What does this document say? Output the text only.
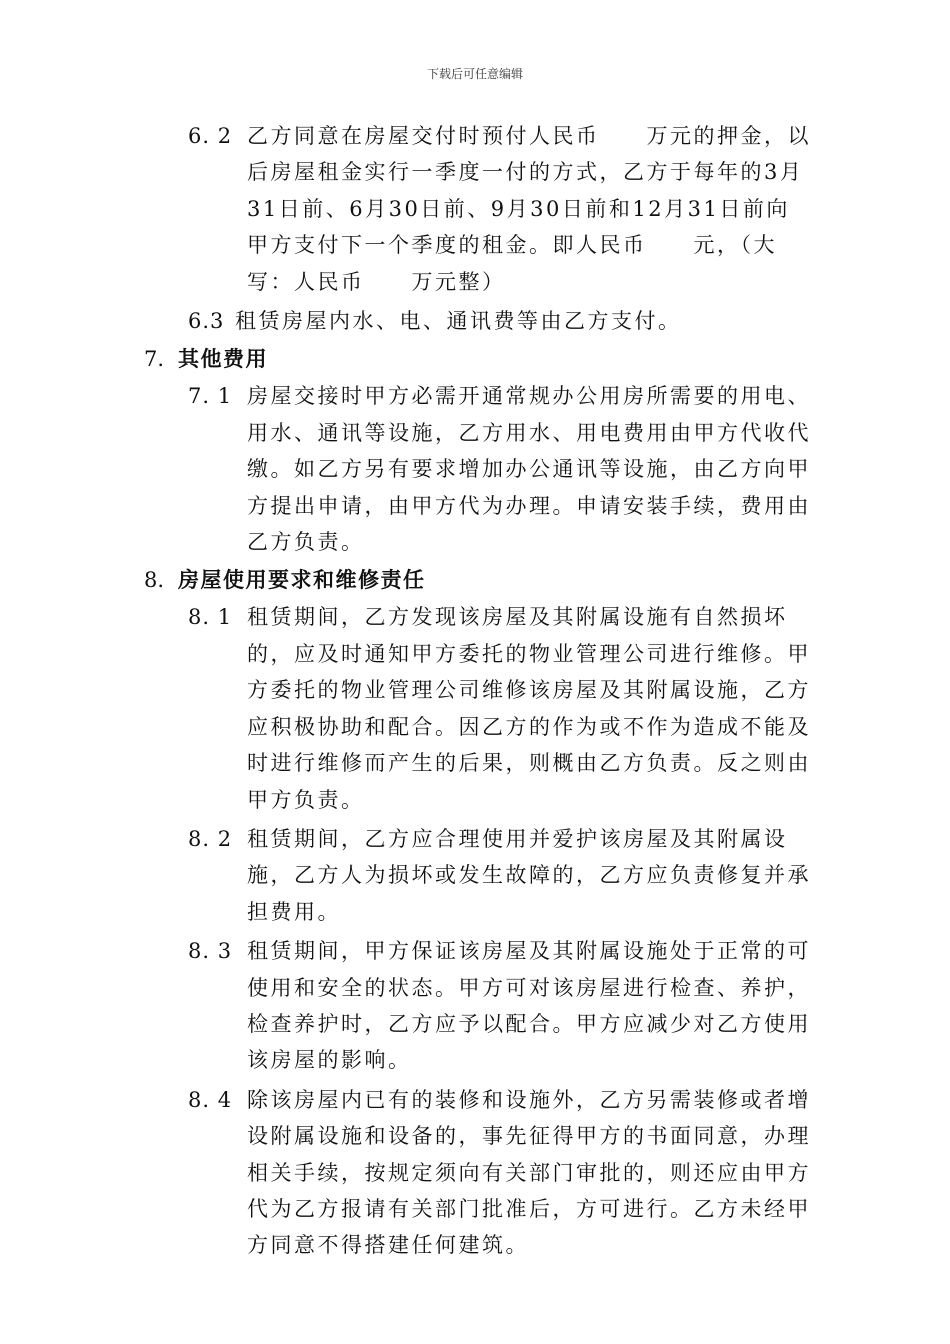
下载后可任意编辑
6. 2 乙方同意在房屋交付时预付人民币　　万元的押金，以后房屋租金实行一季度一付的方式，乙方于每年的3月31日前、6月30日前、9月30日前和12月31日前向甲方支付下一个季度的租金。即人民币　　元，（大写：人民币　　万元整）
6.3 租赁房屋内水、电、通讯费等由乙方支付。
7. 其他费用
7. 1 房屋交接时甲方必需开通常规办公用房所需要的用电、用水、通讯等设施，乙方用水、用电费用由甲方代收代缴。如乙方另有要求增加办公通讯等设施，由乙方向甲方提出申请，由甲方代为办理。申请安装手续，费用由乙方负责。
8. 房屋使用要求和维修责任
8. 1 租赁期间，乙方发现该房屋及其附属设施有自然损坏的，应及时通知甲方委托的物业管理公司进行维修。甲方委托的物业管理公司维修该房屋及其附属设施，乙方应积极协助和配合。因乙方的作为或不作为造成不能及时进行维修而产生的后果，则概由乙方负责。反之则由甲方负责。
8. 2 租赁期间，乙方应合理使用并爱护该房屋及其附属设施，乙方人为损坏或发生故障的，乙方应负责修复并承担费用。
8. 3 租赁期间，甲方保证该房屋及其附属设施处于正常的可使用和安全的状态。甲方可对该房屋进行检查、养护，检查养护时，乙方应予以配合。甲方应减少对乙方使用该房屋的影响。
8. 4 除该房屋内已有的装修和设施外，乙方另需装修或者增设附属设施和设备的，事先征得甲方的书面同意，办理相关手续，按规定须向有关部门审批的，则还应由甲方代为乙方报请有关部门批准后，方可进行。乙方未经甲方同意不得搭建任何建筑。
